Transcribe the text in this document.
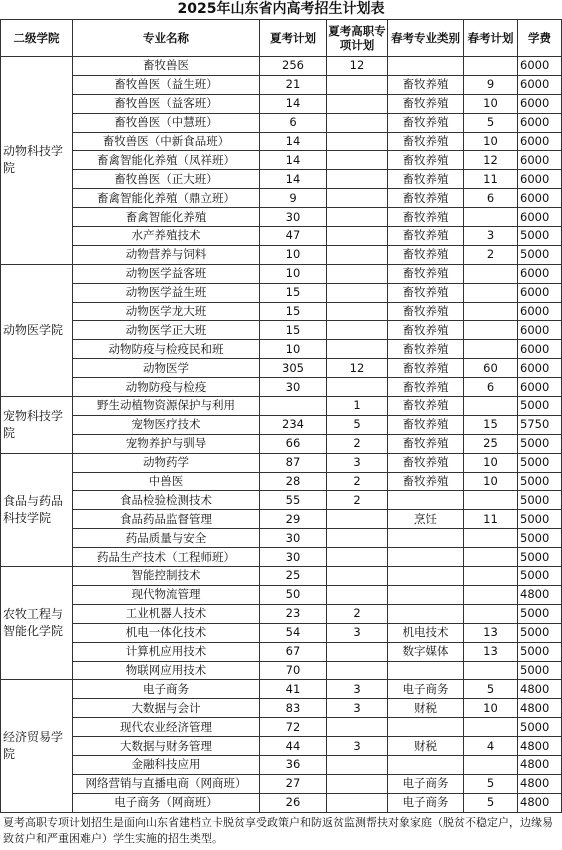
2025年山东省内高考招生计划表
二级学院	专业名称	夏考计划	夏考高职专项计划	春考专业类别	春考计划	学费
动物科技学院	畜牧兽医	256	12			6000
	畜牧兽医（益生班）	21		畜牧养殖	9	6000
	畜牧兽医（益客班）	14		畜牧养殖	10	6000
	畜牧兽医（中慧班）	6		畜牧养殖	5	6000
	畜牧兽医（中新食品班）	14		畜牧养殖	10	6000
	畜禽智能化养殖（凤祥班）	14		畜牧养殖	12	6000
	畜牧兽医（正大班）	14		畜牧养殖	11	6000
	畜禽智能化养殖（鼎立班）	9		畜牧养殖	6	6000
	畜禽智能化养殖	30		畜牧养殖		6000
	水产养殖技术	47		畜牧养殖	3	5000
	动物营养与饲料	10		畜牧养殖	2	5000
动物医学院	动物医学益客班	10		畜牧养殖		6000
	动物医学益生班	15		畜牧养殖		6000
	动物医学龙大班	15		畜牧养殖		6000
	动物医学正大班	15		畜牧养殖		6000
	动物防疫与检疫民和班	10		畜牧养殖		6000
	动物医学	305	12	畜牧养殖	60	6000
	动物防疫与检疫	30		畜牧养殖	6	6000
宠物科技学院	野生动植物资源保护与利用		1	畜牧养殖		5000
	宠物医疗技术	234	5	畜牧养殖	15	5750
	宠物养护与驯导	66	2	畜牧养殖	25	5000
食品与药品科技学院	动物药学	87	3	畜牧养殖	10	5000
	中兽医	28	2	畜牧养殖	10	5000
	食品检验检测技术	55	2			5000
	食品药品监督管理	29		烹饪	11	5000
	药品质量与安全	30				5000
	药品生产技术（工程师班）	30				5000
农牧工程与智能化学院	智能控制技术	25				5000
	现代物流管理	50				4800
	工业机器人技术	23	2			5000
	机电一体化技术	54	3	机电技术	13	5000
	计算机应用技术	67		数字媒体	13	5000
	物联网应用技术	70				5000
经济贸易学院	电子商务	41	3	电子商务	5	4800
	大数据与会计	83	3	财税	10	4800
	现代农业经济管理	72				5000
	大数据与财务管理	44	3	财税	4	4800
	金融科技应用	36				4800
	网络营销与直播电商（网商班）	27		电子商务	5	4800
	电子商务（网商班）	26		电子商务	5	4800
夏考高职专项计划招生是面向山东省建档立卡脱贫享受政策户和防返贫监测帮扶对象家庭（脱贫不稳定户，边缘易致贫户和严重困难户）学生实施的招生类型。
